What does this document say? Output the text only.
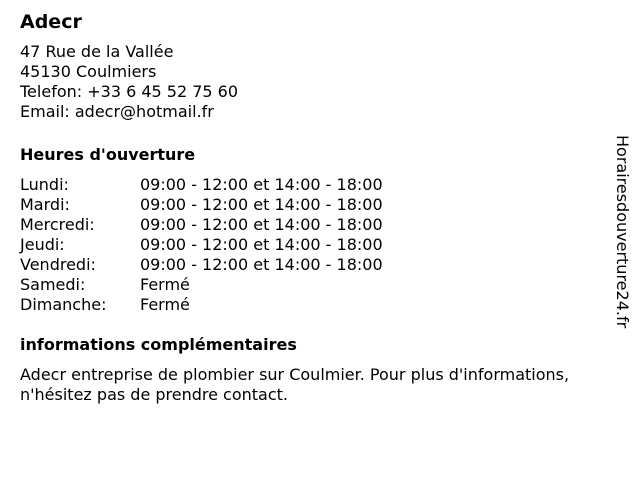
Adecr
47 Rue de la Vallée
45130 Coulmiers
Telefon: +33 6 45 52 75 60
Email: adecr@hotmail.fr
Heures d'ouverture
Lundi:	09:00 - 12:00 et 14:00 - 18:00
Mardi:	09:00 - 12:00 et 14:00 - 18:00
Mercredi:	09:00 - 12:00 et 14:00 - 18:00
Jeudi:	09:00 - 12:00 et 14:00 - 18:00
Vendredi:	09:00 - 12:00 et 14:00 - 18:00
Samedi:	Fermé
Dimanche:	Fermé
informations complémentaires
Adecr entreprise de plombier sur Coulmier. Pour plus d'informations, n'hésitez pas de prendre contact.
Horairesdouverture24.fr
